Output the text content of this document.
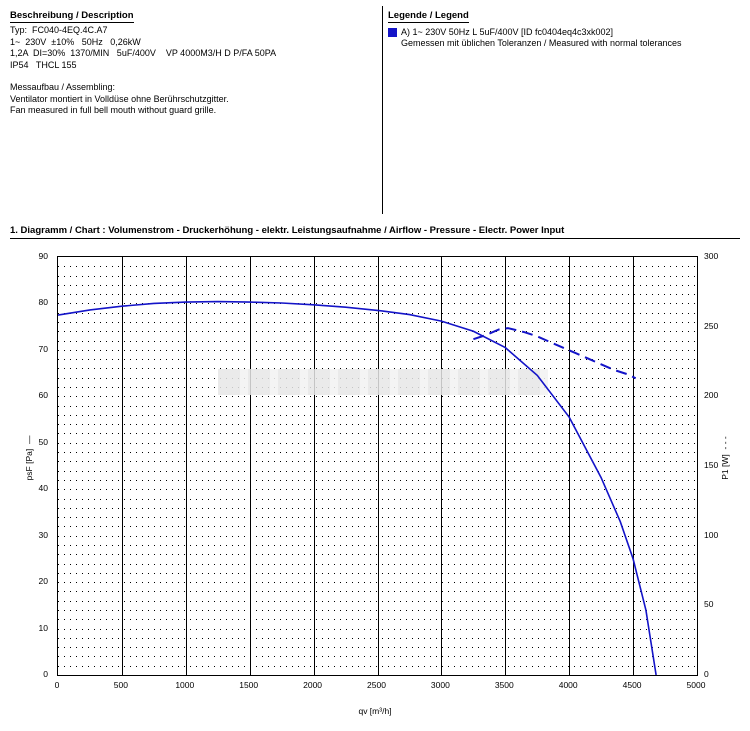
Beschreibung / Description
Typ:  FC040-4EQ.4C.A7
1~  230V  ±10%   50Hz   0,26kW
1,2A  DI=30%  1370/MIN   5uF/400V    VP 4000M3/H D P/FA 50PA
IP54   THCL 155
Messaufbau / Assembling:
Ventilator montiert in Volldüse ohne Berührschutzgitter.
Fan measured in full bell mouth without guard grille.
Legende / Legend
A) 1~ 230V 50Hz L 5uF/400V [ID fc0404eq4c3xk002]
Gemessen mit üblichen Toleranzen / Measured with normal tolerances
1. Diagramm / Chart : Volumenstrom - Druckerhöhung - elektr. Leistungsaufnahme / Airflow - Pressure - Electr. Power Input
0	500	1000	1500	2000	2500	3000	3500	4000	4500	5000
0
10
20
30
40
50
60
70
80
90
0
50
100
150
200
250
300
psF [Pa]  —
P1 [W]  - - -
qv [m³/h]
